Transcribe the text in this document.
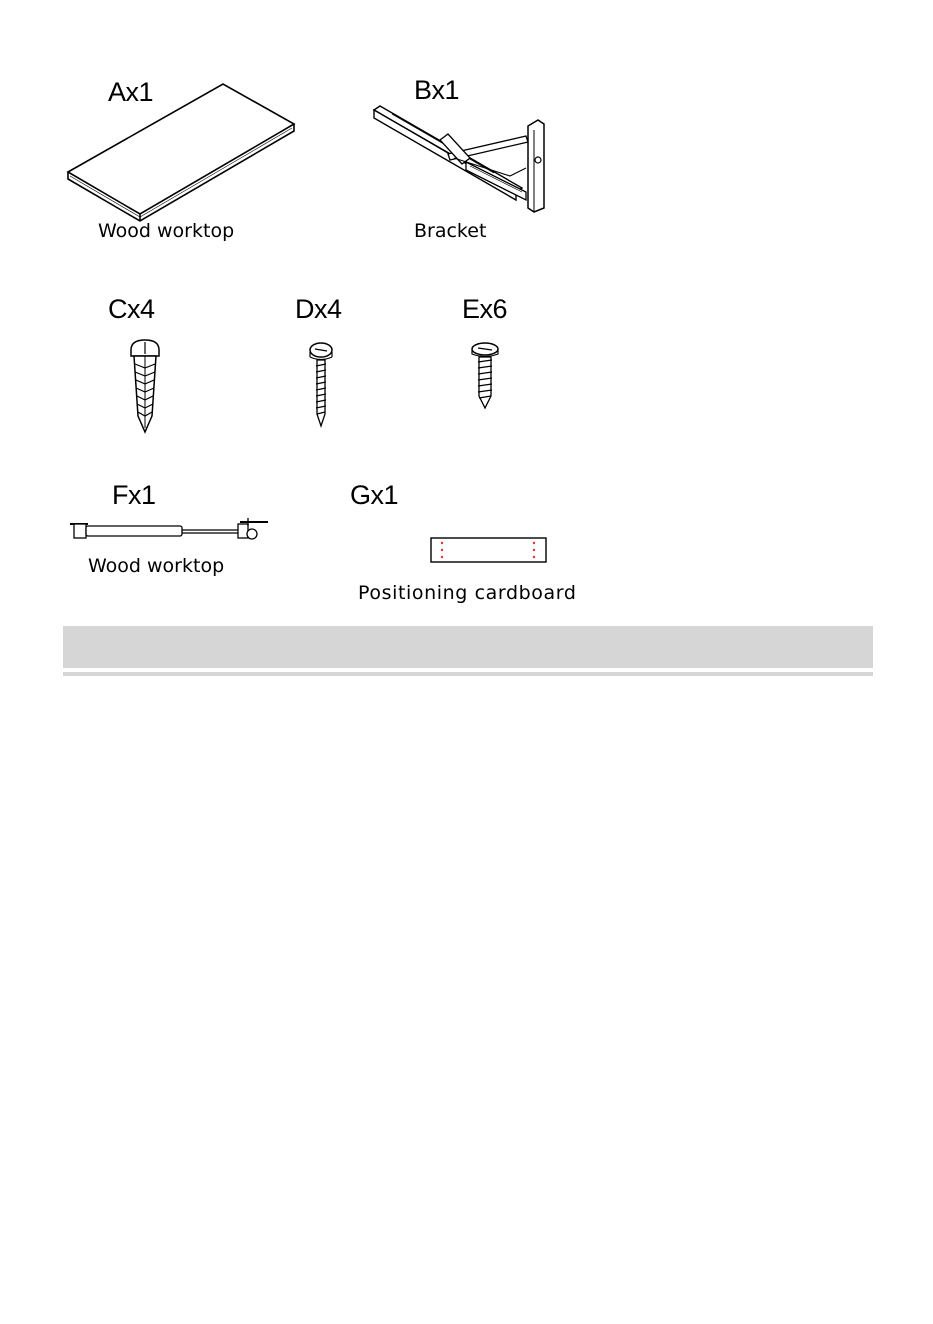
Ax1
Wood worktop
Bx1
Bracket
Cx4	Dx4	Ex6
Fx1
Wood worktop
Gx1
Positioning cardboard
